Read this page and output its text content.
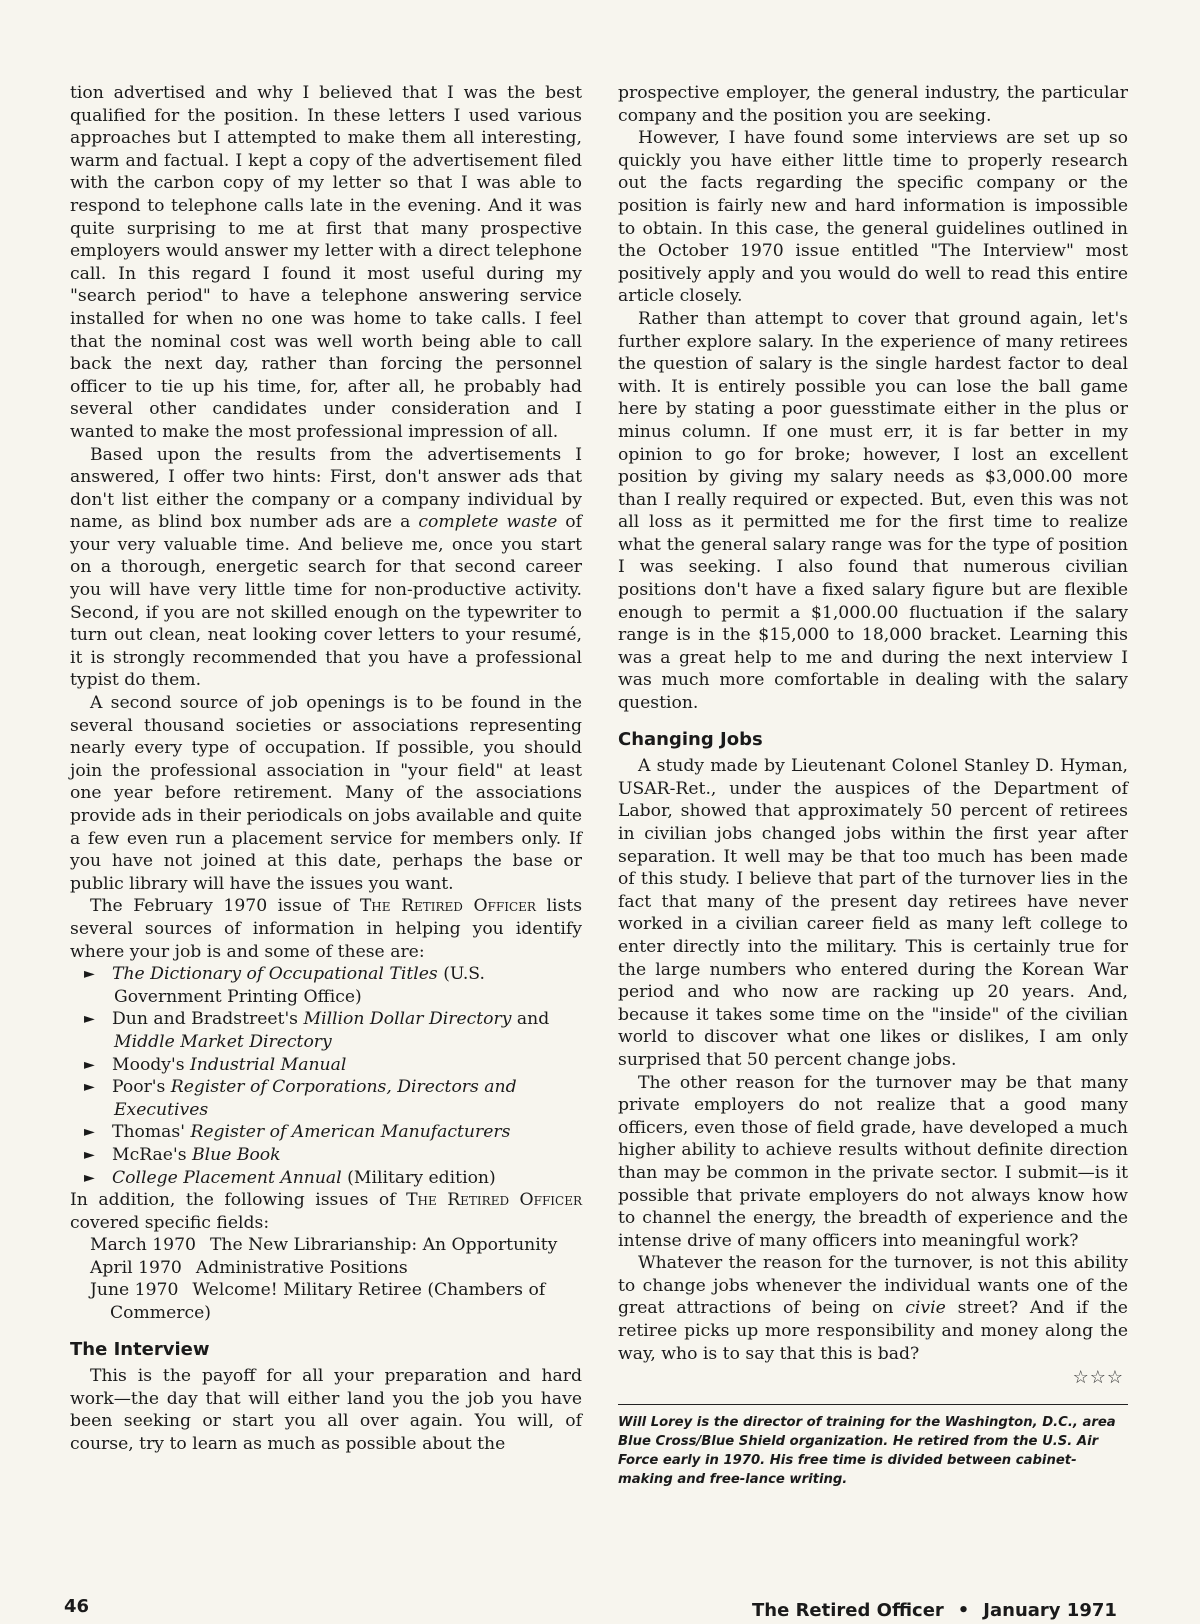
tion advertised and why I believed that I was the best qualified for the position. In these letters I used various approaches but I attempted to make them all interesting, warm and factual. I kept a copy of the advertisement filed with the carbon copy of my letter so that I was able to respond to telephone calls late in the evening. And it was quite surprising to me at first that many prospective employers would answer my letter with a direct telephone call. In this regard I found it most useful during my "search period" to have a telephone answering service installed for when no one was home to take calls. I feel that the nominal cost was well worth being able to call back the next day, rather than forcing the personnel officer to tie up his time, for, after all, he probably had several other candidates under consideration and I wanted to make the most professional impression of all.

Based upon the results from the advertisements I answered, I offer two hints: First, don't answer ads that don't list either the company or a company individual by name, as blind box number ads are a complete waste of your very valuable time. And believe me, once you start on a thorough, energetic search for that second career you will have very little time for non-productive activity. Second, if you are not skilled enough on the typewriter to turn out clean, neat looking cover letters to your resumé, it is strongly recommended that you have a professional typist do them.

A second source of job openings is to be found in the several thousand societies or associations representing nearly every type of occupation. If possible, you should join the professional association in "your field" at least one year before retirement. Many of the associations provide ads in their periodicals on jobs available and quite a few even run a placement service for members only. If you have not joined at this date, perhaps the base or public library will have the issues you want.

The February 1970 issue of The Retired Officer lists several sources of information in helping you identify where your job is and some of these are:

► The Dictionary of Occupational Titles (U.S. Government Printing Office)
► Dun and Bradstreet's Million Dollar Directory and Middle Market Directory
► Moody's Industrial Manual
► Poor's Register of Corporations, Directors and Executives
► Thomas' Register of American Manufacturers
► McRae's Blue Book
► College Placement Annual (Military edition)

In addition, the following issues of The Retired Officer covered specific fields:

March 1970 The New Librarianship: An Opportunity
April 1970 Administrative Positions
June 1970 Welcome! Military Retiree (Chambers of Commerce)
The Interview

This is the payoff for all your preparation and hard work—the day that will either land you the job you have been seeking or start you all over again. You will, of course, try to learn as much as possible about the

prospective employer, the general industry, the particular company and the position you are seeking.

However, I have found some interviews are set up so quickly you have either little time to properly research out the facts regarding the specific company or the position is fairly new and hard information is impossible to obtain. In this case, the general guidelines outlined in the October 1970 issue entitled "The Interview" most positively apply and you would do well to read this entire article closely.

Rather than attempt to cover that ground again, let's further explore salary. In the experience of many retirees the question of salary is the single hardest factor to deal with. It is entirely possible you can lose the ball game here by stating a poor guesstimate either in the plus or minus column. If one must err, it is far better in my opinion to go for broke; however, I lost an excellent position by giving my salary needs as $3,000.00 more than I really required or expected. But, even this was not all loss as it permitted me for the first time to realize what the general salary range was for the type of position I was seeking. I also found that numerous civilian positions don't have a fixed salary figure but are flexible enough to permit a $1,000.00 fluctuation if the salary range is in the $15,000 to 18,000 bracket. Learning this was a great help to me and during the next interview I was much more comfortable in dealing with the salary question.

Changing Jobs

A study made by Lieutenant Colonel Stanley D. Hyman, USAR-Ret., under the auspices of the Department of Labor, showed that approximately 50 percent of retirees in civilian jobs changed jobs within the first year after separation. It well may be that too much has been made of this study. I believe that part of the turnover lies in the fact that many of the present day retirees have never worked in a civilian career field as many left college to enter directly into the military. This is certainly true for the large numbers who entered during the Korean War period and who now are racking up 20 years. And, because it takes some time on the "inside" of the civilian world to discover what one likes or dislikes, I am only surprised that 50 percent change jobs.

The other reason for the turnover may be that many private employers do not realize that a good many officers, even those of field grade, have developed a much higher ability to achieve results without definite direction than may be common in the private sector. I submit—is it possible that private employers do not always know how to channel the energy, the breadth of experience and the intense drive of many officers into meaningful work?

Whatever the reason for the turnover, is not this ability to change jobs whenever the individual wants one of the great attractions of being on civie street? And if the retiree picks up more responsibility and money along the way, who is to say that this is bad?

☆☆☆
Will Lorey is the director of training for the Washington, D.C., area Blue Cross/Blue Shield organization. He retired from the U.S. Air Force early in 1970. His free time is divided between cabinet-making and free-lance writing.
46	The Retired Officer • January 1971
